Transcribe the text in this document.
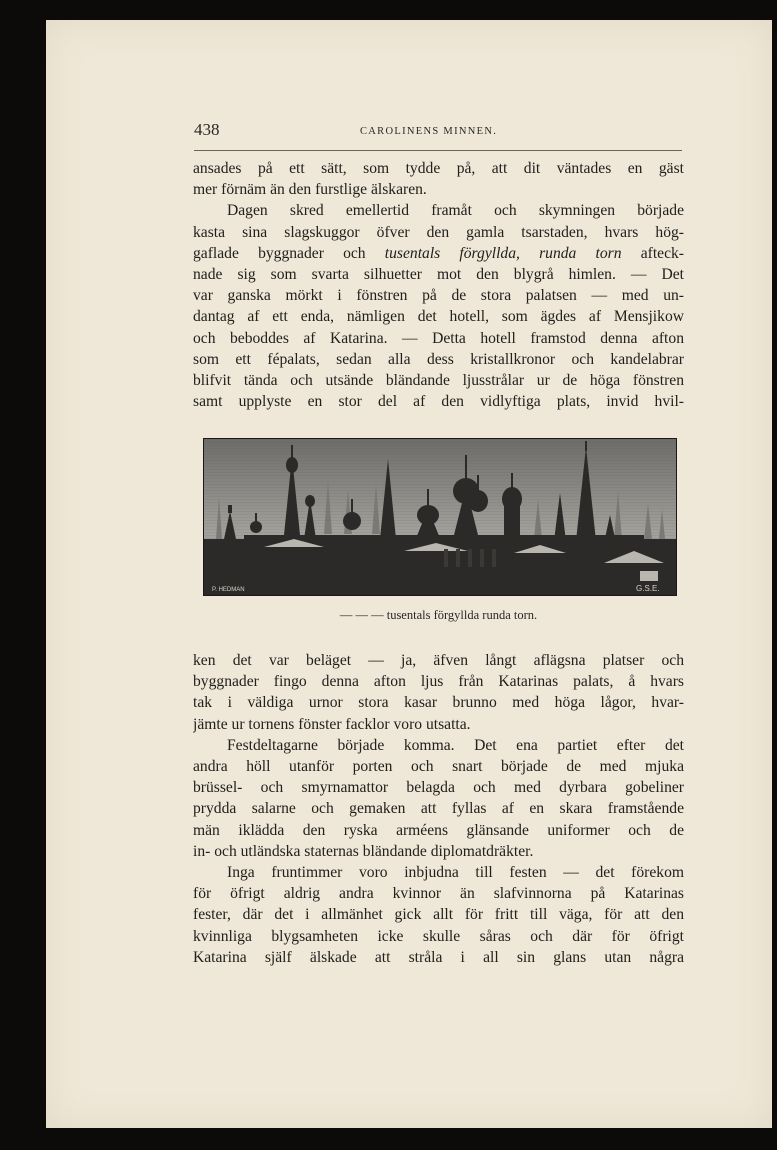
438	CAROLINENS MINNEN.
ansades på ett sätt, som tydde på, att dit väntades en gäst
mer förnäm än den furstlige älskaren.
Dagen skred emellertid framåt och skymningen började
kasta sina slagskuggor öfver den gamla tsarstaden, hvars hög-
gaflade byggnader och tusentals förgyllda, runda torn afteck-
nade sig som svarta silhuetter mot den blygrå himlen. — Det
var ganska mörkt i fönstren på de stora palatsen — med un-
dantag af ett enda, nämligen det hotell, som ägdes af Mensjikow
och beboddes af Katarina. — Detta hotell framstod denna afton
som ett fépalats, sedan alla dess kristallkronor och kandelabrar
blifvit tända och utsände bländande ljusstrålar ur de höga fönstren
samt upplyste en stor del af den vidlyftiga plats, invid hvil-
P. HEDMAN	G.S.E.
— — — tusentals förgyllda runda torn.
ken det var beläget — ja, äfven långt aflägsna platser och
byggnader fingo denna afton ljus från Katarinas palats, å hvars
tak i väldiga urnor stora kasar brunno med höga lågor, hvar-
jämte ur tornens fönster facklor voro utsatta.
Festdeltagarne började komma. Det ena partiet efter det
andra höll utanför porten och snart började de med mjuka
brüssel- och smyrnamattor belagda och med dyrbara gobeliner
prydda salarne och gemaken att fyllas af en skara framstående
män iklädda den ryska arméens glänsande uniformer och de
in- och utländska staternas bländande diplomatdräkter.
Inga fruntimmer voro inbjudna till festen — det förekom
för öfrigt aldrig andra kvinnor än slafvinnorna på Katarinas
fester, där det i allmänhet gick allt för fritt till väga, för att den
kvinnliga blygsamheten icke skulle såras och där för öfrigt
Katarina själf älskade att stråla i all sin glans utan några
